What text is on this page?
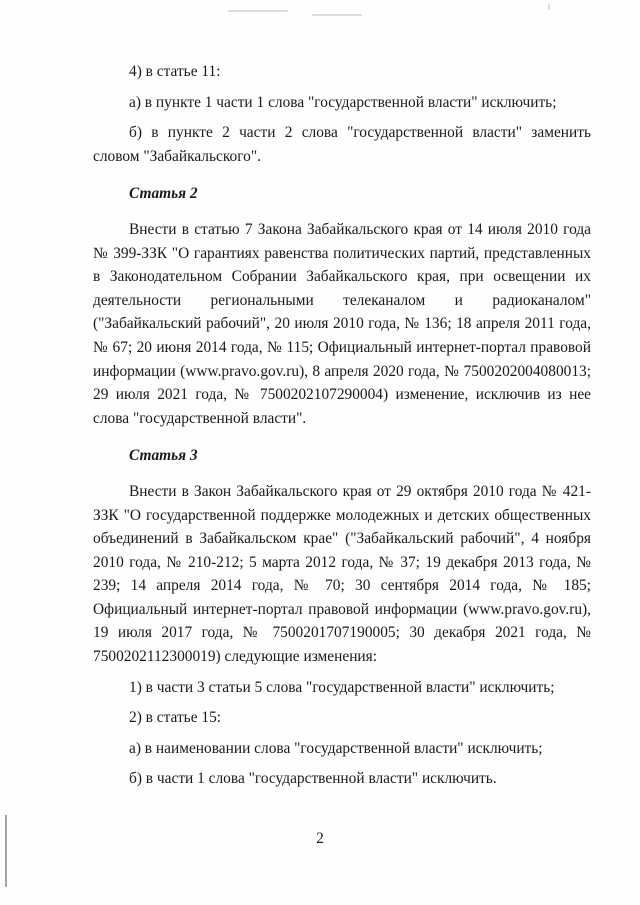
4) в статье 11:

а) в пункте 1 части 1 слова "государственной власти" исключить;

б) в пункте 2 части 2 слова "государственной власти" заменить словом "Забайкальского".

Статья 2

Внести в статью 7 Закона Забайкальского края от 14 июля 2010 года № 399-ЗЗК "О гарантиях равенства политических партий, представленных в Законодательном Собрании Забайкальского края, при освещении их деятельности региональными телеканалом и радиоканалом" ("Забайкальский рабочий", 20 июля 2010 года, № 136; 18 апреля 2011 года, № 67; 20 июня 2014 года, № 115; Официальный интернет-портал правовой информации (www.pravo.gov.ru), 8 апреля 2020 года, № 7500202004080013; 29 июля 2021 года, № 7500202107290004) изменение, исключив из нее слова "государственной власти".

Статья 3

Внести в Закон Забайкальского края от 29 октября 2010 года № 421-ЗЗК "О государственной поддержке молодежных и детских общественных объединений в Забайкальском крае" ("Забайкальский рабочий", 4 ноября 2010 года, № 210-212; 5 марта 2012 года, № 37; 19 декабря 2013 года, № 239; 14 апреля 2014 года, № 70; 30 сентября 2014 года, № 185; Официальный интернет-портал правовой информации (www.pravo.gov.ru), 19 июля 2017 года, № 7500201707190005; 30 декабря 2021 года, № 7500202112300019) следующие изменения:

1) в части 3 статьи 5 слова "государственной власти" исключить;

2) в статье 15:

а) в наименовании слова "государственной власти" исключить;

б) в части 1 слова "государственной власти" исключить.

2
